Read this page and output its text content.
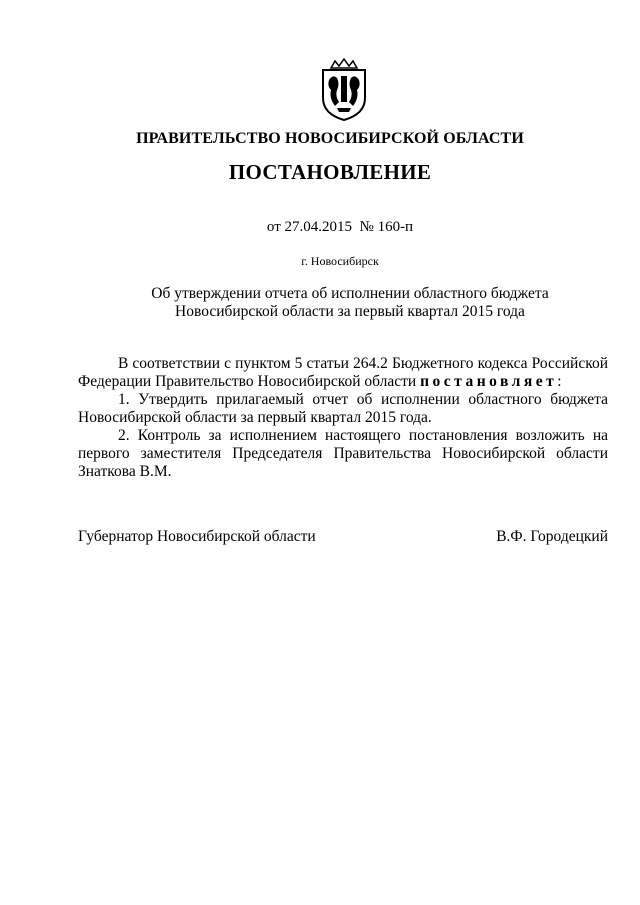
ПРАВИТЕЛЬСТВО НОВОСИБИРСКОЙ ОБЛАСТИ
ПОСТАНОВЛЕНИЕ
от 27.04.2015 № 160-п
г. Новосибирск
Об утверждении отчета об исполнении областного бюджета
Новосибирской области за первый квартал 2015 года

В соответствии с пунктом 5 статьи 264.2 Бюджетного кодекса Российской Федерации Правительство Новосибирской области постановляет:

1. Утвердить прилагаемый отчет об исполнении областного бюджета Новосибирской области за первый квартал 2015 года.

2. Контроль за исполнением настоящего постановления возложить на первого заместителя Председателя Правительства Новосибирской области Знаткова В.М.

Губернатор Новосибирской области	В.Ф. Городецкий
